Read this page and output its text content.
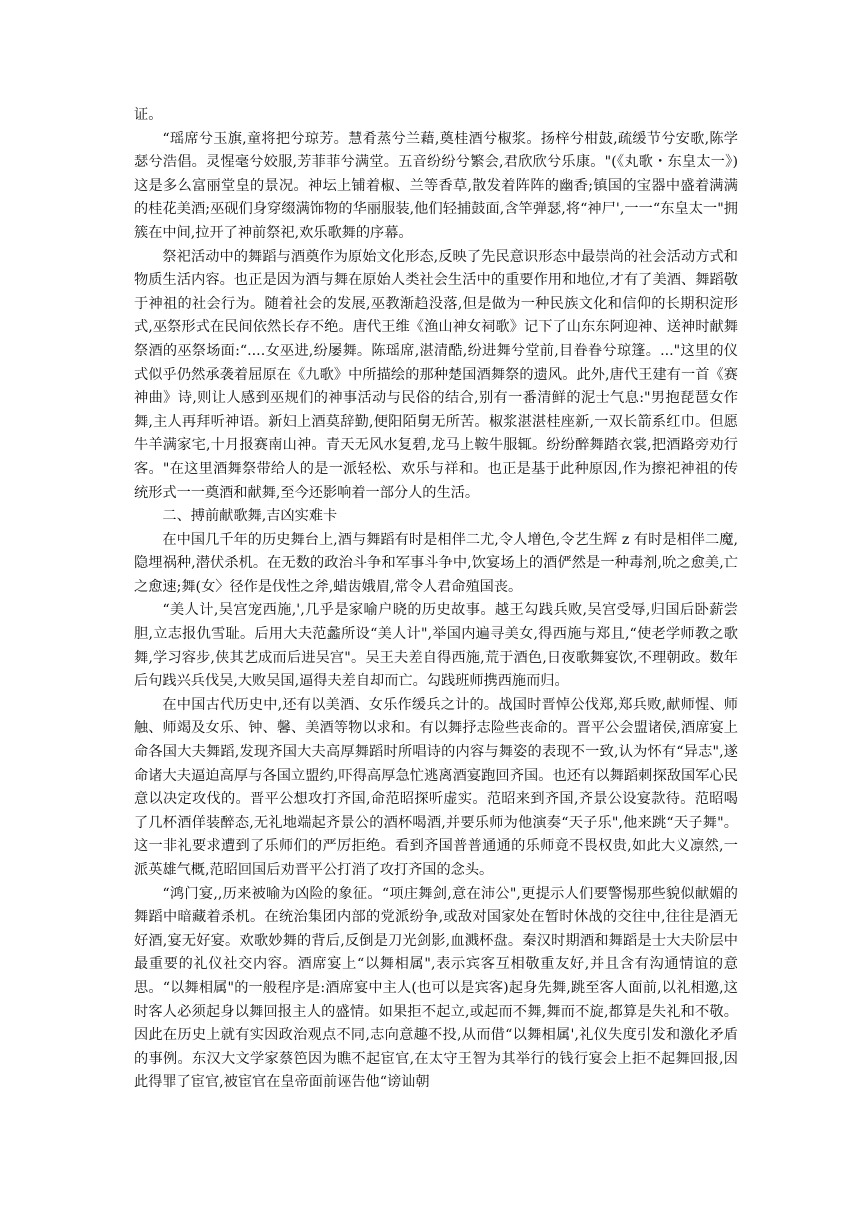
证。

“瑶席兮玉旗,童将把兮琼芳。慧肴蒸兮兰藉,奠桂酒兮椒浆。扬梓兮柑鼓,疏缓节兮安歌,陈学瑟兮浩倡。灵惺毫兮姣服,芳菲菲兮满堂。五音纷纷兮繁会,君欣欣兮乐康。"(《丸歌・东皇太一》)这是多么富丽堂皇的景况。神坛上铺着椒、兰等香草,散发着阵阵的幽香;镇国的宝器中盛着满满的桂花美酒;巫砚们身穿缀满饰物的华丽服装,他们轻捕鼓面,含竿弹瑟,将“神尸',一一“东皇太一"拥簇在中间,拉开了神前祭祀,欢乐歌舞的序幕。

祭祀活动中的舞蹈与酒奠作为原始文化形态,反映了先民意识形态中最崇尚的社会活动方式和物质生活内容。也正是因为酒与舞在原始人类社会生活中的重要作用和地位,才有了美酒、舞蹈敬于神祖的社会行为。随着社会的发展,巫教渐趋没落,但是做为一种民族文化和信仰的长期积淀形式,巫祭形式在民间依然长存不绝。唐代王维《渔山神女祠歌》记下了山东东阿迎神、送神时献舞祭酒的巫祭场面:“....女巫进,纷屡舞。陈瑶席,湛清酷,纷进舞兮堂前,目眷眷兮琼篷。..."这里的仪式似乎仍然承袭着屈原在《九歌》中所描绘的那种楚国酒舞祭的遗风。此外,唐代王建有一首《赛神曲》诗,则让人感到巫规们的神事活动与民俗的结合,别有一番清鲜的泥士气息:"男抱琵琶女作舞,主人再拜听神语。新妇上酒莫辞勤,便阳陌舅无所苦。椒浆湛湛桂座新,一双长箭系红巾。但愿牛羊满家宅,十月报赛南山神。青天无风水复碧,龙马上鞍牛服辄。纷纷醉舞踏衣裳,把酒路旁劝行客。"在这里酒舞祭带给人的是一派轻松、欢乐与祥和。也正是基于此种原因,作为擦祀神祖的传统形式一一奠酒和献舞,至今还影响着一部分人的生活。

二、搏前献歌舞,吉凶实难卡

在中国几千年的历史舞台上,酒与舞蹈有时是相伴二尤,令人增色,令艺生辉 z 有时是相伴二魔,隐埋祸种,潜伏杀机。在无数的政治斗争和军事斗争中,饮宴场上的酒俨然是一种毒剂,吮之愈美,亡之愈速;舞(女〉径作是伐性之斧,蜡齿娥眉,常令人君命殖国丧。

“美人计,吴宫宠西施,',几乎是家喻户晓的历史故事。越王勾践兵败,吴宫受辱,归国后卧薪尝胆,立志报仇雪耻。后用大夫范蠡所设“美人计",举国内遍寻美女,得西施与郑且,“使老学师教之歌舞,学习容步,侠其艺成而后进吴宫"。吴王夫差自得西施,荒于酒色,日夜歌舞宴饮,不理朝政。数年后句践兴兵伐吴,大败吴国,逼得夫差自却而亡。勾践班师携西施而归。

在中国古代历史中,还有以美酒、女乐作缓兵之计的。战国时晋悼公伐郑,郑兵败,献师惺、师触、师竭及女乐、钟、馨、美酒等物以求和。有以舞抒志险些丧命的。晋平公会盟诸侯,酒席宴上命各国大夫舞蹈,发现齐国大夫高厚舞蹈时所唱诗的内容与舞姿的表现不一致,认为怀有“异志",遂命诸大夫逼迫高厚与各国立盟约,吓得高厚急忙逃离酒宴跑回齐国。也还有以舞蹈刺探敌国军心民意以决定攻伐的。晋平公想攻打齐国,命范昭探听虚实。范昭来到齐国,齐景公设宴款待。范昭喝了几杯酒佯装醉态,无礼地端起齐景公的酒杯喝酒,并要乐师为他演奏“天子乐",他来跳“天子舞"。这一非礼要求遭到了乐师们的严厉拒绝。看到齐国普普通通的乐师竟不畏权贵,如此大义凛然,一派英雄气概,范昭回国后劝晋平公打消了攻打齐国的念头。

“鸿门宴,,历来被喻为凶险的象征。“项庄舞剑,意在沛公",更提示人们要警惕那些貌似献媚的舞蹈中暗藏着杀机。在统治集团内部的党派纷争,或敌对国家处在暂时休战的交往中,往往是酒无好酒,宴无好宴。欢歌妙舞的背后,反倒是刀光剑影,血溅杯盘。秦汉时期酒和舞蹈是士大夫阶层中最重要的礼仪社交内容。酒席宴上“以舞相属",表示宾客互相敬重友好,并且含有沟通情谊的意思。“以舞相属"的一般程序是:酒席宴中主人(也可以是宾客)起身先舞,跳至客人面前,以礼相邀,这时客人必须起身以舞回报主人的盛情。如果拒不起立,或起而不舞,舞而不旋,都算是失礼和不敬。因此在历史上就有实因政治观点不同,志向意趣不投,从而借“以舞相属',礼仪失度引发和激化矛盾的事例。东汉大文学家蔡笆因为瞧不起宦官,在太守王智为其举行的钱行宴会上拒不起舞回报,因此得罪了宦官,被宦官在皇帝面前诬告他“谤讪朝
